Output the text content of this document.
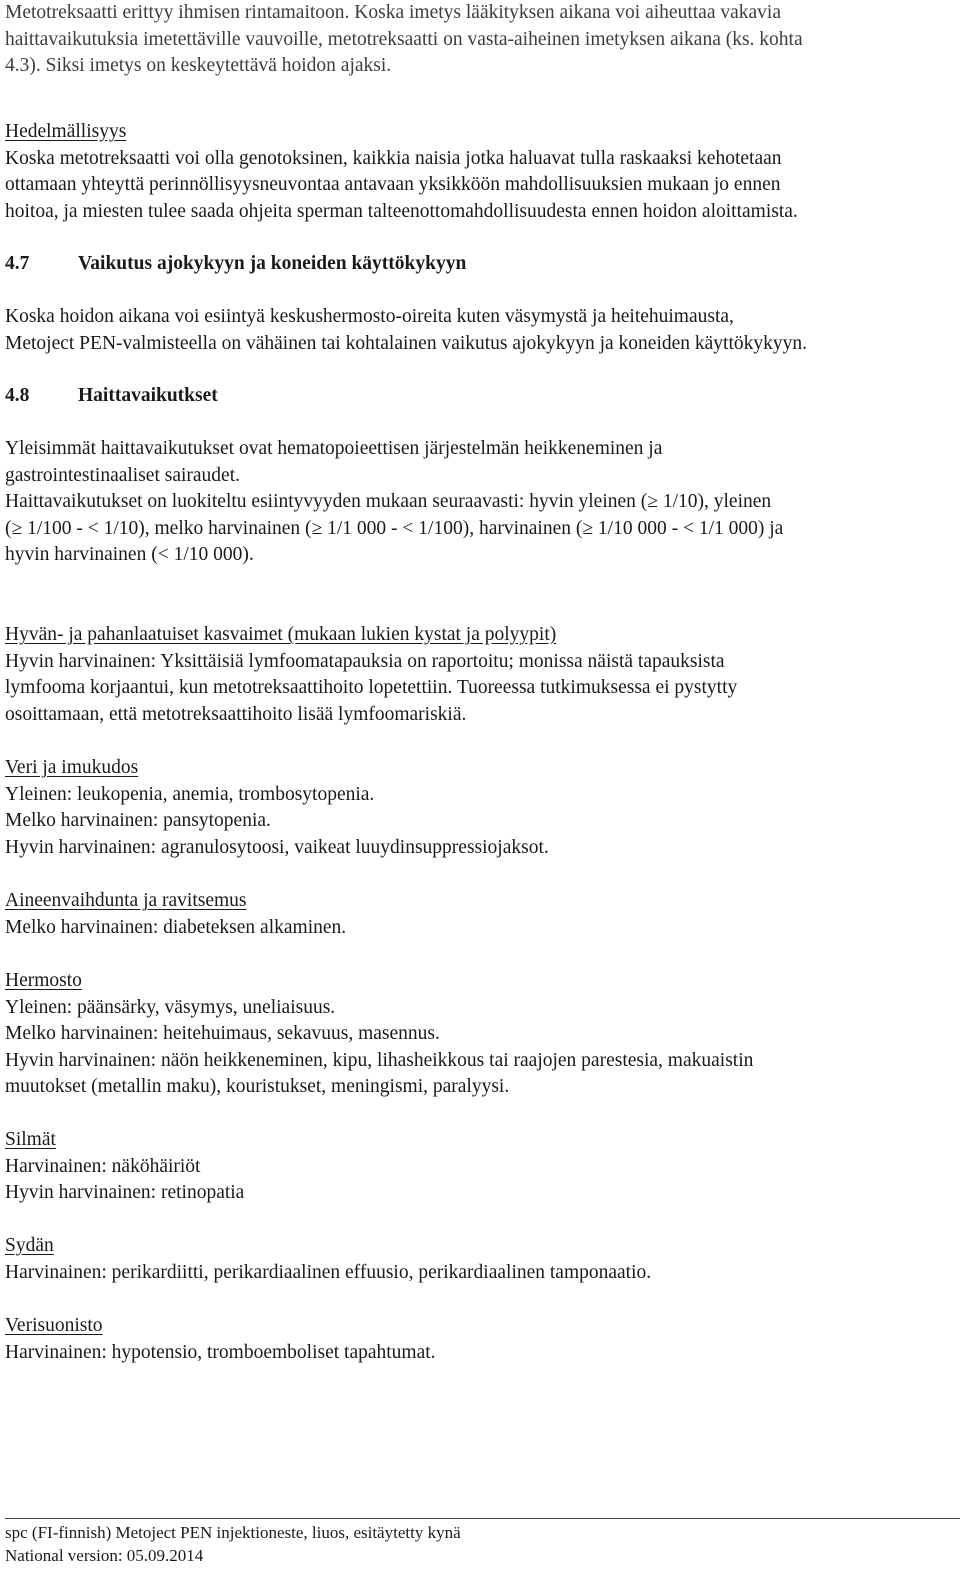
Metotreksaatti erittyy ihmisen rintamaitoon. Koska imetys lääkityksen aikana voi aiheuttaa vakavia
haittavaikutuksia imetettäville vauvoille, metotreksaatti on vasta-aiheinen imetyksen aikana (ks. kohta
4.3). Siksi imetys on keskeytettävä hoidon ajaksi.
Hedelmällisyys
Koska metotreksaatti voi olla genotoksinen, kaikkia naisia jotka haluavat tulla raskaaksi kehotetaan
ottamaan yhteyttä perinnöllisyysneuvontaa antavaan yksikköön mahdollisuuksien mukaan jo ennen
hoitoa, ja miesten tulee saada ohjeita sperman talteenottomahdollisuudesta ennen hoidon aloittamista.
4.7 Vaikutus ajokykyyn ja koneiden käyttökykyyn
Koska hoidon aikana voi esiintyä keskushermosto-oireita kuten väsymystä ja heitehuimausta,
Metoject PEN-valmisteella on vähäinen tai kohtalainen vaikutus ajokykyyn ja koneiden käyttökykyyn.
4.8 Haittavaikutkset
Yleisimmät haittavaikutukset ovat hematopoieettisen järjestelmän heikkeneminen ja
gastrointestinaaliset sairaudet.
Haittavaikutukset on luokiteltu esiintyvyyden mukaan seuraavasti: hyvin yleinen (≥ 1/10), yleinen
(≥ 1/100 - < 1/10), melko harvinainen (≥ 1/1 000 - < 1/100), harvinainen (≥ 1/10 000 - < 1/1 000) ja
hyvin harvinainen (< 1/10 000).
Hyvän- ja pahanlaatuiset kasvaimet (mukaan lukien kystat ja polyypit)
Hyvin harvinainen: Yksittäisiä lymfoomatapauksia on raportoitu; monissa näistä tapauksista
lymfooma korjaantui, kun metotreksaattihoito lopetettiin. Tuoreessa tutkimuksessa ei pystytty
osoittamaan, että metotreksaattihoito lisää lymfoomariskiä.
Veri ja imukudos
Yleinen: leukopenia, anemia, trombosytopenia.
Melko harvinainen: pansytopenia.
Hyvin harvinainen: agranulosytoosi, vaikeat luuydinsuppressiojaksot.
Aineenvaihdunta ja ravitsemus
Melko harvinainen: diabeteksen alkaminen.
Hermosto
Yleinen: päänsärky, väsymys, uneliaisuus.
Melko harvinainen: heitehuimaus, sekavuus, masennus.
Hyvin harvinainen: näön heikkeneminen, kipu, lihasheikkous tai raajojen parestesia, makuaistin
muutokset (metallin maku), kouristukset, meningismi, paralyysi.
Silmät
Harvinainen: näköhäiriöt
Hyvin harvinainen: retinopatia
Sydän
Harvinainen: perikardiitti, perikardiaalinen effuusio, perikardiaalinen tamponaatio.
Verisuonisto
Harvinainen: hypotensio, tromboemboliset tapahtumat.
spc (FI-finnish) Metoject PEN injektioneste, liuos, esitäytetty kynä
National version: 05.09.2014
